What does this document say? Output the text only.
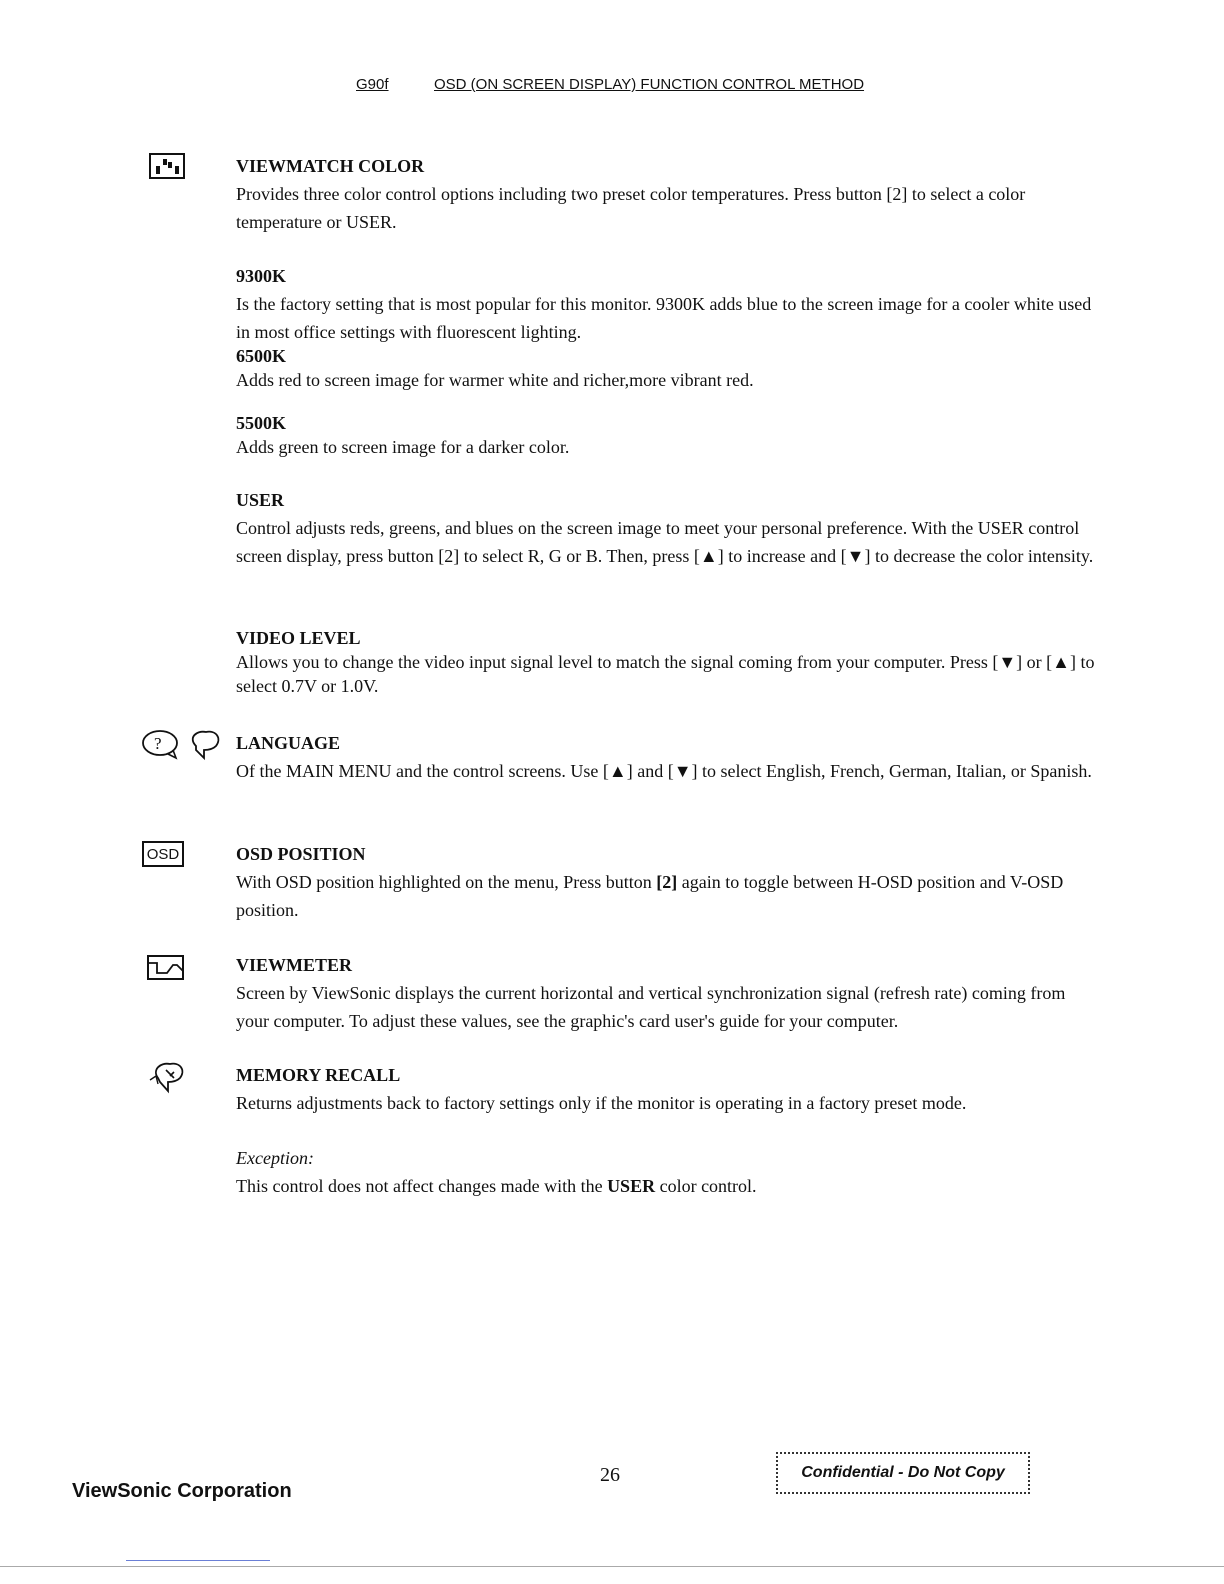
G90f	OSD (ON SCREEN DISPLAY) FUNCTION CONTROL METHOD
VIEWMATCH COLOR

Provides three color control options including two preset color temperatures. Press button [2] to select a color temperature or USER.

9300K

Is the factory setting that is most popular for this monitor. 9300K adds blue to the screen image for a cooler white used in most office settings with fluorescent lighting.

6500K

Adds red to screen image for warmer white and richer,more vibrant red.

5500K

Adds green to screen image for a darker color.

USER

Control adjusts reds, greens, and blues on the screen image to meet your personal preference. With the USER control screen display, press button [2] to select R, G or B. Then, press [▲] to increase and [▼] to decrease the color intensity.

VIDEO LEVEL

Allows you to change the video input signal level to match the signal coming from your computer. Press [▼] or [▲] to select 0.7V or 1.0V.

?	LANGUAGE

Of the MAIN MENU and the control screens. Use [▲] and [▼] to select English, French, German, Italian, or Spanish.

OSD	OSD POSITION

With OSD position highlighted on the menu, Press button [2] again to toggle between H-OSD position and V-OSD position.

VIEWMETER

Screen by ViewSonic displays the current horizontal and vertical synchronization signal (refresh rate) coming from your computer. To adjust these values, see the graphic's card user's guide for your computer.

MEMORY RECALL

Returns adjustments back to factory settings only if the monitor is operating in a factory preset mode.

Exception:

This control does not affect changes made with the USER color control.

26	Confidential - Do Not Copy
ViewSonic Corporation
